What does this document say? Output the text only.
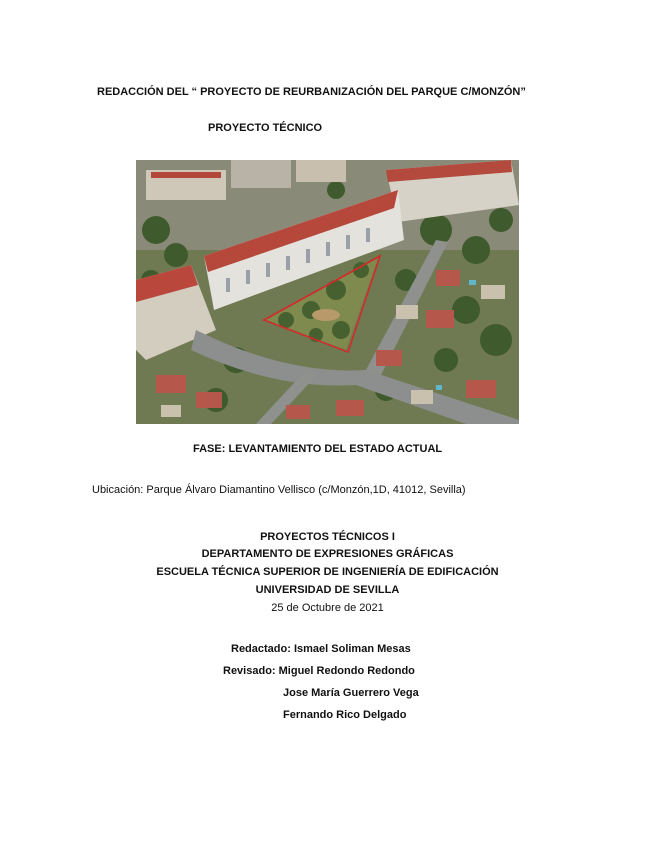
REDACCIÓN DEL “ PROYECTO DE REURBANIZACIÓN DEL PARQUE C/MONZÓN”
PROYECTO TÉCNICO
FASE: LEVANTAMIENTO DEL ESTADO ACTUAL
Ubicación: Parque Álvaro Diamantino Vellisco (c/Monzón,1D, 41012, Sevilla)
PROYECTOS TÉCNICOS I
DEPARTAMENTO DE EXPRESIONES GRÁFICAS
ESCUELA TÉCNICA SUPERIOR DE INGENIERÍA DE EDIFICACIÓN
UNIVERSIDAD DE SEVILLA
25 de Octubre de 2021
Redactado: Ismael Soliman Mesas
Revisado: Miguel Redondo Redondo
Jose María Guerrero Vega
Fernando Rico Delgado
